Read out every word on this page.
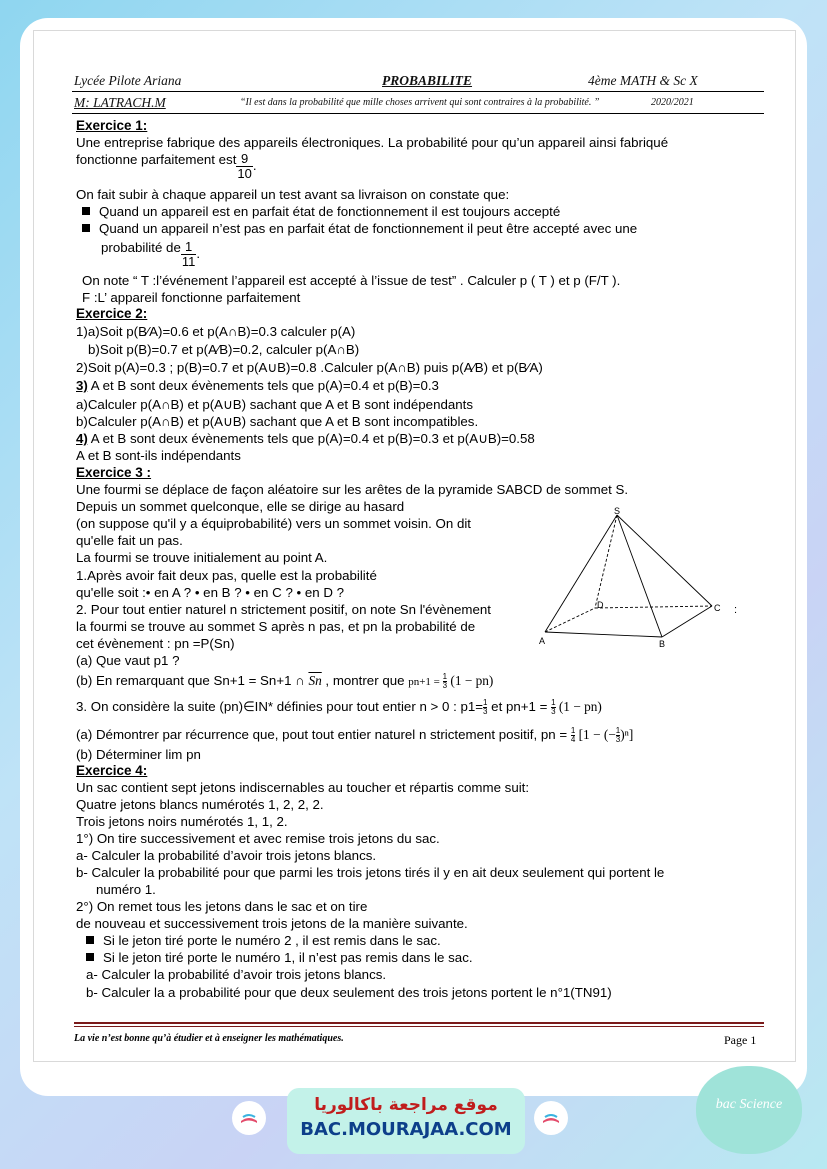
Lycée Pilote Ariana	PROBABILITE	4ème MATH & Sc X
M: LATRACH.M	“Il est dans la probabilité que mille choses arrivent qui sont contraires à la probabilité. ”	2020/2021
Exercice 1:
Une entreprise fabrique des appareils électroniques. La probabilité pour qu’un appareil ainsi fabriqué
fonctionne parfaitement est $\frac{9}{10}$ .
On fait subir à chaque appareil un test avant sa livraison on constate que:
Quand un appareil est en parfait état de fonctionnement il est toujours accepté
Quand un appareil n’est pas en parfait état de fonctionnement il peut être accepté avec une
probabilité de $\frac{1}{11}$ .
On note “ T :l’événement l’appareil est accepté à l’issue de test” . Calculer p ( T ) et p (F/T ).
F :L’ appareil fonctionne parfaitement
Exercice 2:
1)a)Soit p(B⁄A)=0.6 et p(A∩B)=0.3 calculer p(A)
b)Soit p(B)=0.7 et p(A⁄B)=0.2, calculer p(A∩B)
2)Soit p(A)=0.3 ; p(B)=0.7 et p(A∪B)=0.8 .Calculer p(A∩B) puis p(A⁄B) et p(B⁄A)
3) A et B sont deux évènements tels que p(A)=0.4 et p(B)=0.3
a)Calculer p(A∩B) et p(A∪B) sachant que A et B sont indépendants
b)Calculer p(A∩B) et p(A∪B) sachant que A et B sont incompatibles.
4) A et B sont deux évènements tels que p(A)=0.4 et p(B)=0.3 et p(A∪B)=0.58
A et B sont-ils indépendants
Exercice 3 :
Une fourmi se déplace de façon aléatoire sur les arêtes de la pyramide SABCD de sommet S.
Depuis un sommet quelconque, elle se dirige au hasard
(on suppose qu'il y a équiprobabilité) vers un sommet voisin. On dit
qu'elle fait un pas.
La fourmi se trouve initialement au point A.
1.Après avoir fait deux pas, quelle est la probabilité
qu'elle soit :• en A ? • en B ? • en C ? • en D ?
2. Pour tout entier naturel n strictement positif, on note Sn l'évènement
la fourmi se trouve au sommet S après n pas, et pn la probabilité de
cet évènement : pn =P(Sn)
(a) Que vaut p1 ?
(b) En remarquant que Sn+1 = Sn+1 ∩ $\overline{Sn}$ , montrer que $pn+1 = \frac{1}{3} (1 - pn)$
3. On considère la suite (pn)∈IN* définies pour tout entier n > 0 : $p1= \frac{1}{3}$ et $pn+1 = \frac{1}{3} (1 - pn)$
(a) Démontrer par récurrence que, pout tout entier naturel n strictement positif, pn = $\frac{1}{4} [1$ − (− $\frac{1}{3} )^n$]
(b) Déterminer lim pn
S
A	B
C
D	:
Exercice 4:
Un sac contient sept jetons indiscernables au toucher et répartis comme suit:
Quatre jetons blancs numérotés 1, 2, 2, 2.
Trois jetons noirs numérotés 1, 1, 2.
1°) On tire successivement et avec remise trois jetons du sac.
a- Calculer la probabilité d’avoir trois jetons blancs.
b- Calculer la probabilité pour que parmi les trois jetons tirés il y en ait deux seulement qui portent le
numéro 1.
2°) On remet tous les jetons dans le sac et on tire
de nouveau et successivement trois jetons de la manière suivante.
Si le jeton tiré porte le numéro 2 , il est remis dans le sac.
Si le jeton tiré porte le numéro 1, il n’est pas remis dans le sac.
a- Calculer la probabilité d’avoir trois jetons blancs.
b- Calculer la a probabilité pour que deux seulement des trois jetons portent le n°1(TN91)
La vie n’est bonne qu’à étudier et à enseigner les mathématiques.	Page 1
موقع مراجعة باكالوريا
BAC.MOURAJAA.COM
bac Science
